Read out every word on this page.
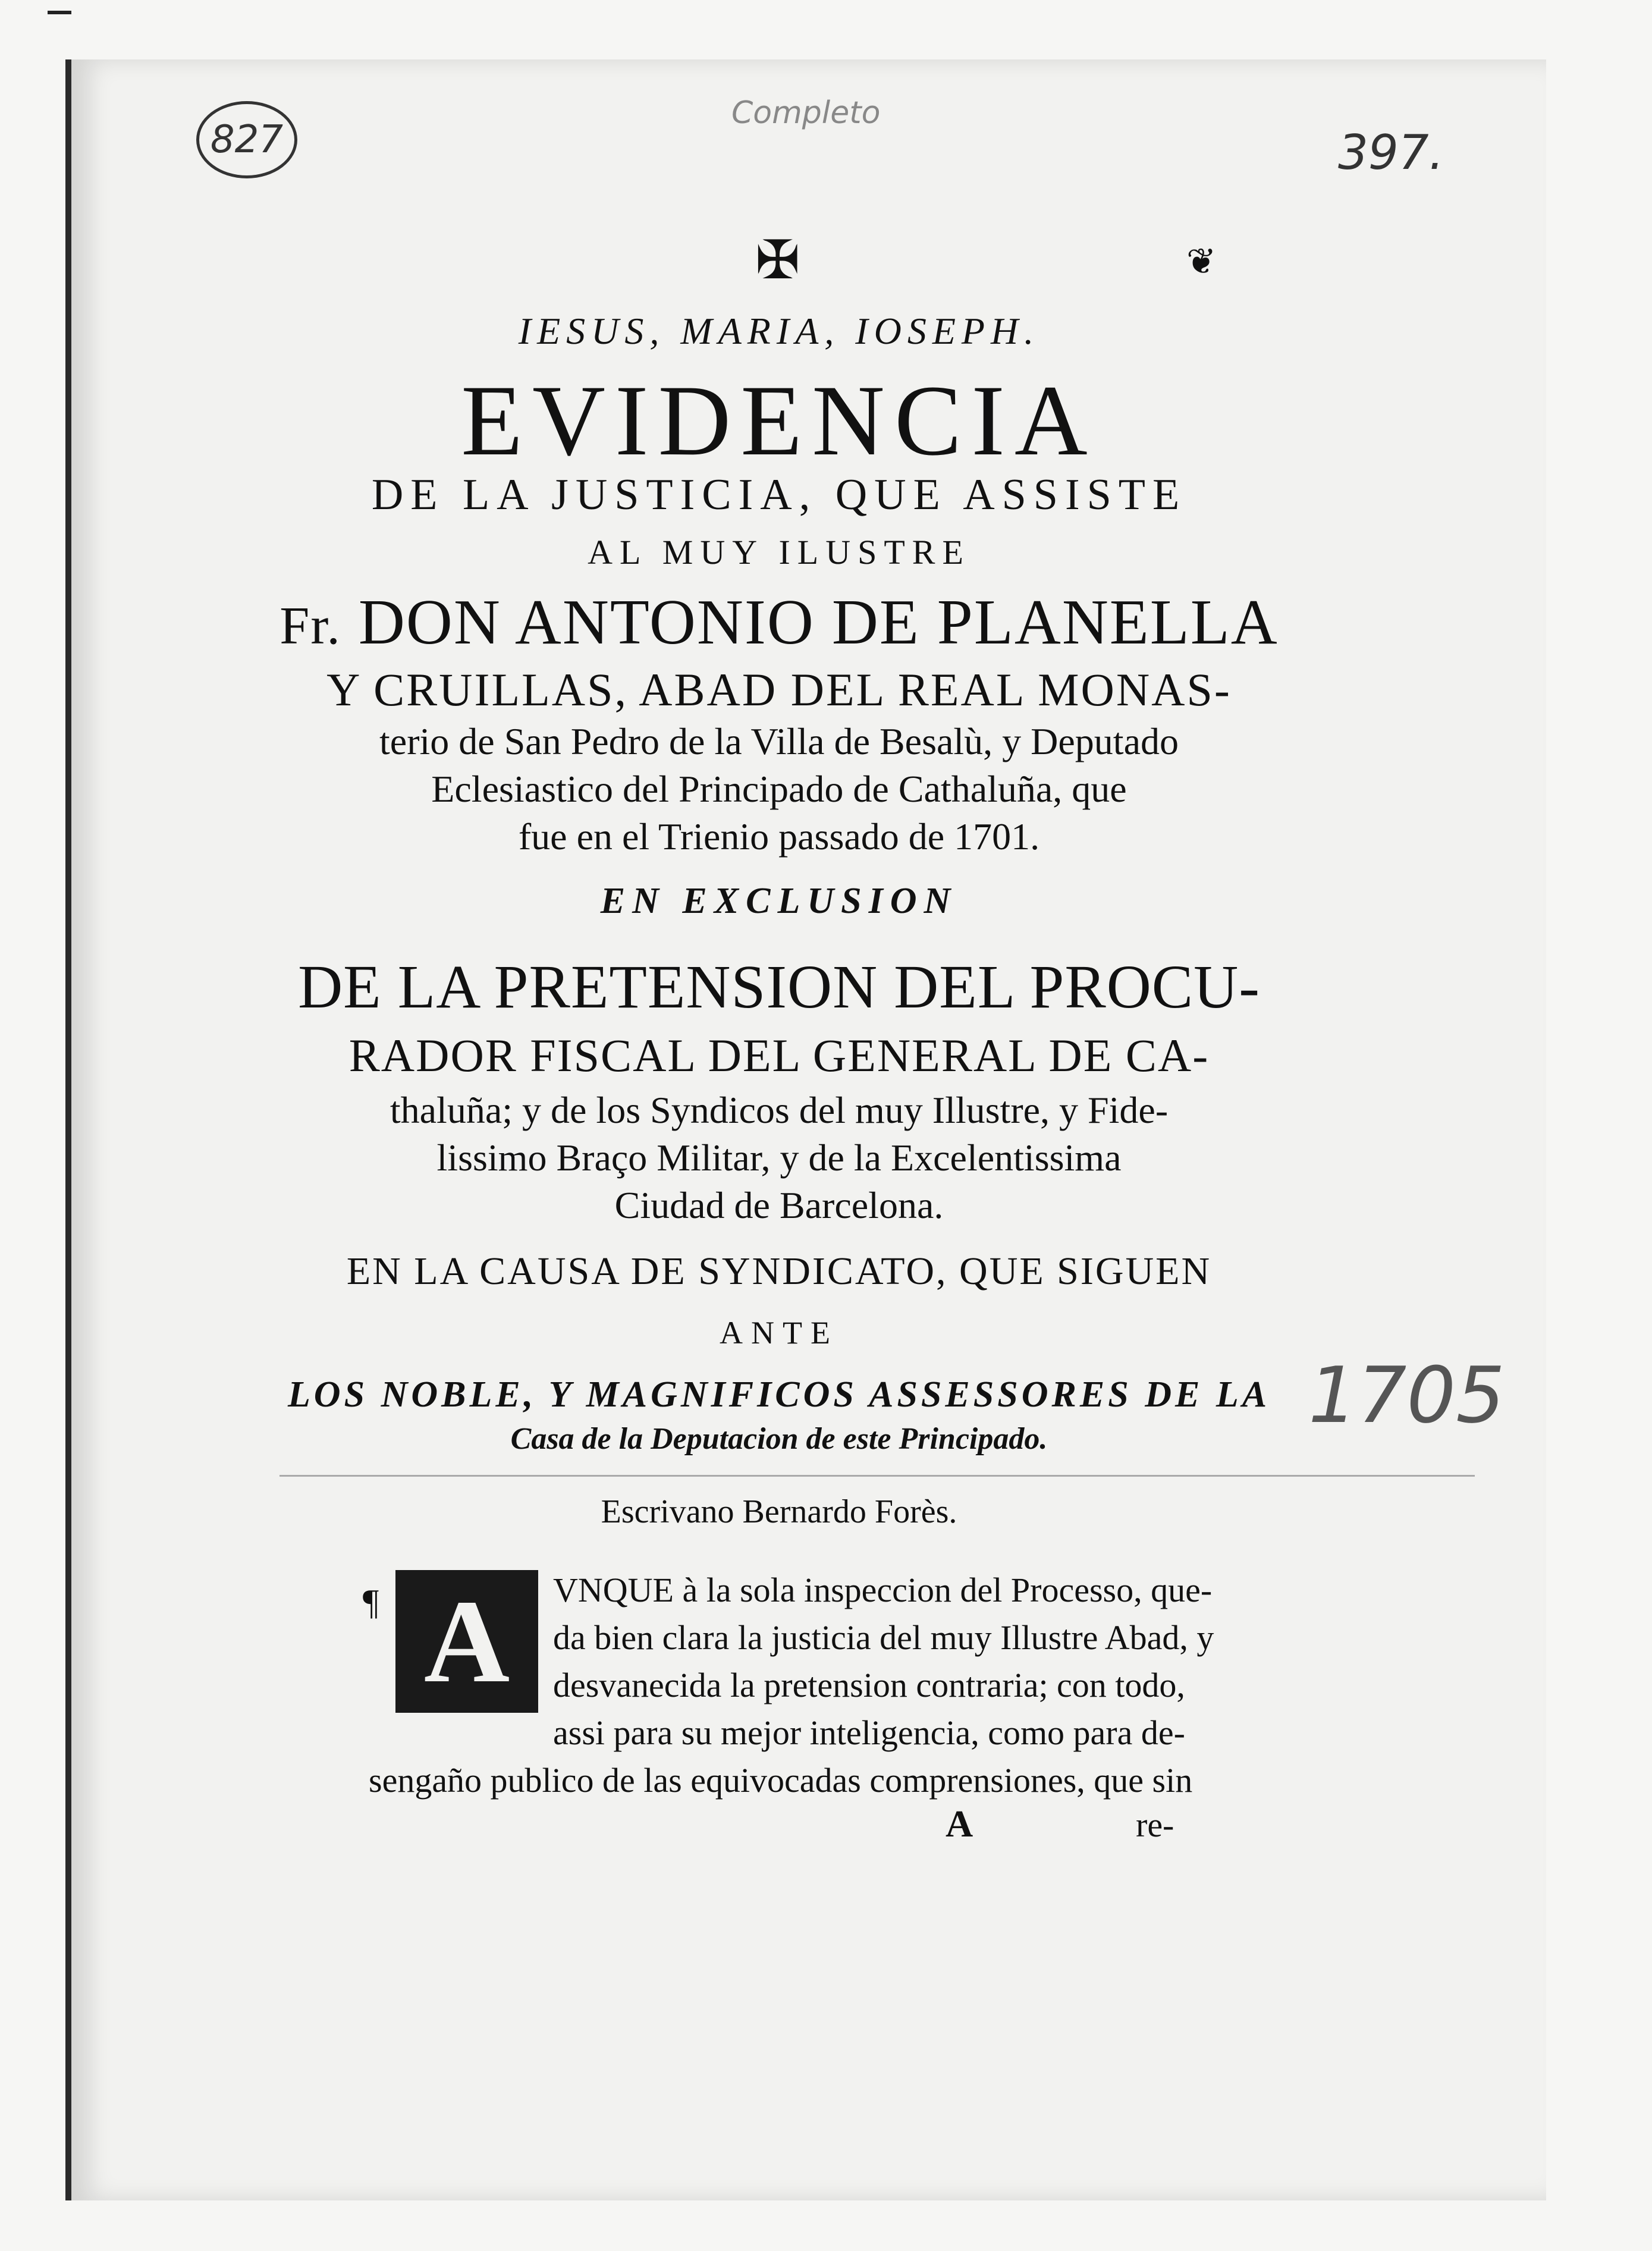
827
Completo
397.
1705
✠	❦
IESUS, MARIA, IOSEPH.
EVIDENCIA
DE LA JUSTICIA, QUE ASSISTE
AL MUY ILUSTRE
Fr. DON ANTONIO DE PLANELLA
Y CRUILLAS, ABAD DEL REAL MONAS-
terio de San Pedro de la Villa de Besalù, y Deputado
Eclesiastico del Principado de Cathaluña, que
fue en el Trienio passado de 1701.
EN EXCLUSION
DE LA PRETENSION DEL PROCU-
RADOR FISCAL DEL GENERAL DE CA-
thaluña; y de los Syndicos del muy Illustre, y Fide-
lissimo Braço Militar, y de la Excelentissima
Ciudad de Barcelona.
EN LA CAUSA DE SYNDICATO, QUE SIGUEN
ANTE
LOS NOBLE, Y MAGNIFICOS ASSESSORES DE LA
Casa de la Deputacion de este Principado.
Escrivano Bernardo Forès.
¶ A	VNQUE à la sola inspeccion del Processo, que-
da bien clara la justicia del muy Illustre Abad, y
desvanecida la pretension contraria; con todo,
assi para su mejor inteligencia, como para de-
sengaño publico de las equivocadas comprensiones, que sin
A	re-
